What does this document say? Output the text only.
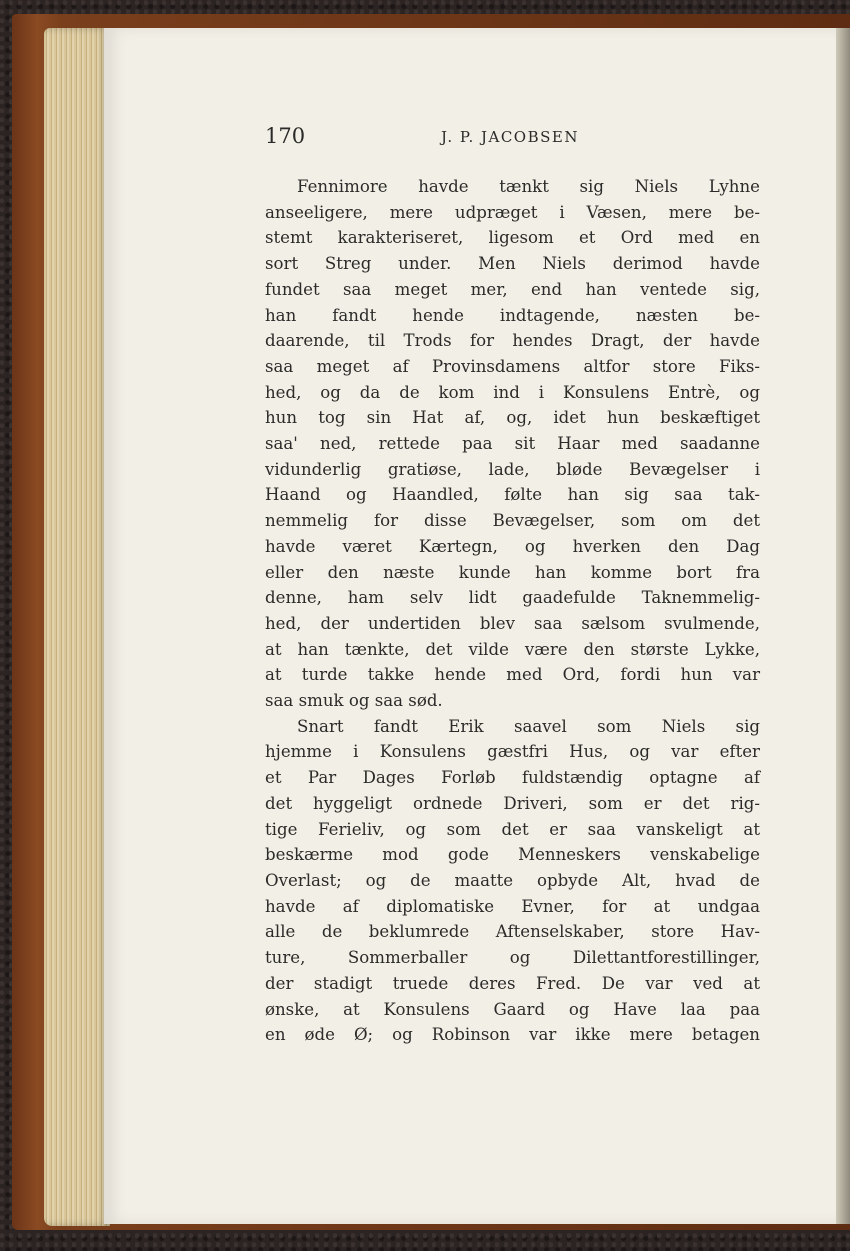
170	J. P. JACOBSEN
Fennimore havde tænkt sig Niels Lyhne
anseeligere, mere udpræget i Væsen, mere be-
stemt karakteriseret, ligesom et Ord med en
sort Streg under. Men Niels derimod havde
fundet saa meget mer, end han ventede sig,
han fandt hende indtagende, næsten be-
daarende, til Trods for hendes Dragt, der havde
saa meget af Provinsdamens altfor store Fiks-
hed, og da de kom ind i Konsulens Entrè, og
hun tog sin Hat af, og, idet hun beskæftiget
saa' ned, rettede paa sit Haar med saadanne
vidunderlig gratiøse, lade, bløde Bevægelser i
Haand og Haandled, følte han sig saa tak-
nemmelig for disse Bevægelser, som om det
havde været Kærtegn, og hverken den Dag
eller den næste kunde han komme bort fra
denne, ham selv lidt gaadefulde Taknemmelig-
hed, der undertiden blev saa sælsom svulmende,
at han tænkte, det vilde være den største Lykke,
at turde takke hende med Ord, fordi hun var
saa smuk og saa sød.
Snart fandt Erik saavel som Niels sig
hjemme i Konsulens gæstfri Hus, og var efter
et Par Dages Forløb fuldstændig optagne af
det hyggeligt ordnede Driveri, som er det rig-
tige Ferieliv, og som det er saa vanskeligt at
beskærme mod gode Menneskers venskabelige
Overlast; og de maatte opbyde Alt, hvad de
havde af diplomatiske Evner, for at undgaa
alle de beklumrede Aftenselskaber, store Hav-
ture, Sommerballer og Dilettantforestillinger,
der stadigt truede deres Fred. De var ved at
ønske, at Konsulens Gaard og Have laa paa
en øde Ø; og Robinson var ikke mere betagen
